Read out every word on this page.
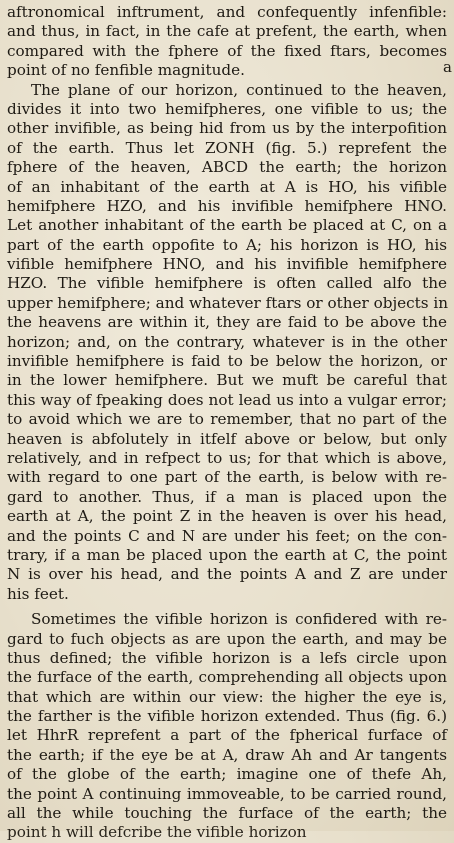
aftronomical inftrument, and confequently infenfible:
and thus, in fact, in the cafe at prefent, the earth, when
compared with the fphere of the fixed ftars, becomes
point of no fenfible magnitude.
The plane of our horizon, continued to the heaven,
divides it into two hemifpheres, one vifible to us; the
other invifible, as being hid from us by the interpofition
of the earth. Thus let ZONH (fig. 5.) reprefent the
fphere of the heaven, ABCD the earth; the horizon
of an inhabitant of the earth at A is HO, his vifible
hemifphere HZO, and his invifible hemifphere HNO.
Let another inhabitant of the earth be placed at C, on a
part of the earth oppofite to A; his horizon is HO, his
vifible hemifphere HNO, and his invifible hemifphere
HZO. The vifible hemifphere is often called alfo the
upper hemifphere; and whatever ftars or other objects in
the heavens are within it, they are faid to be above the
horizon; and, on the contrary, whatever is in the other
invifible hemifphere is faid to be below the horizon, or
in the lower hemifphere. But we muft be careful that
this way of fpeaking does not lead us into a vulgar error;
to avoid which we are to remember, that no part of the
heaven is abfolutely in itfelf above or below, but only
relatively, and in refpect to us; for that which is above,
with regard to one part of the earth, is below with re-
gard to another. Thus, if a man is placed upon the
earth at A, the point Z in the heaven is over his head,
and the points C and N are under his feet; on the con-
trary, if a man be placed upon the earth at C, the point
N is over his head, and the points A and Z are under
his feet.
Sometimes the vifible horizon is confidered with re-
gard to fuch objects as are upon the earth, and may be
thus defined; the vifible horizon is a lefs circle upon
the furface of the earth, comprehending all objects upon
that which are within our view: the higher the eye is,
the farther is the vifible horizon extended. Thus (fig. 6.)
let HhrR reprefent a part of the fpherical furface of
the earth; if the eye be at A, draw Ah and Ar tangents
of the globe of the earth; imagine one of thefe Ah,
the point A continuing immoveable, to be carried round,
all the while touching the furface of the earth; the
point h will defcribe the vifible horizon
a
